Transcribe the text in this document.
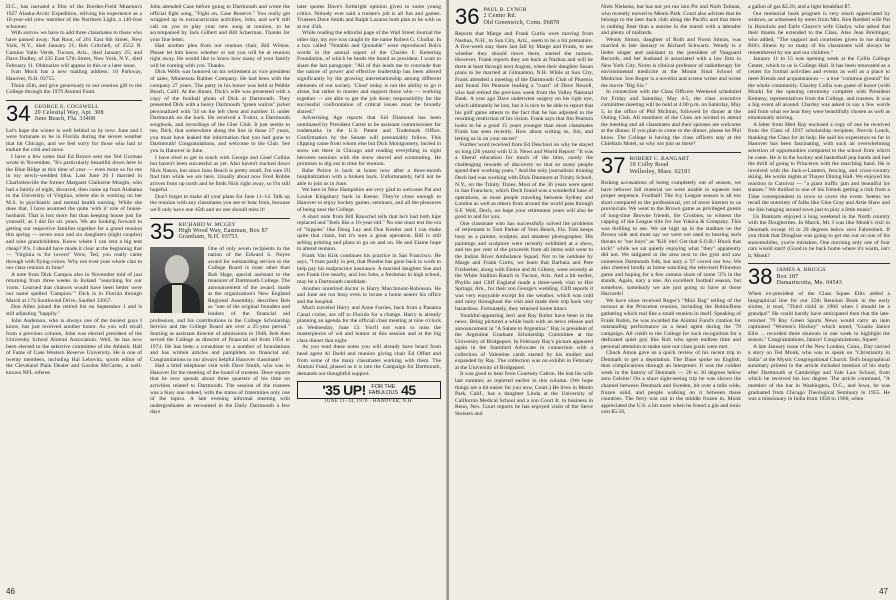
D.C., has narrated a film of the Borden-Field Museum's 1927 Alaska-Arctic Expedition, reliving his experience as a 16-year-old crew member of the Northern Light, a 140-foot schooner.

With sorrow we have to add three classmates to those who have passed away: Nat Root, of 261 East 6th Street, New York, N.Y., died January 21; Bob Critchell, of 2552 N. Camino Valle Verde, Tucson, Ariz., died January 25; and Dave Dudley, of 235 East 57th Street, New York, N.Y., died February 11. Obituaries will appear in this or a later issue.

Ivan Mock has a new mailing address: 10 Parkway, Hanover, N.H. 03755.

Think 45th, and give generously to our reunion gift to the College through the 1979 Alumni Fund.

34 GEORGE E. COGSWELL
20 Celestial Way, Apt. 308
Juno Beach, Fla. 33408

Let's hope the winter is well behind us by now. June and I were fortunate to be in Florida during the severe weather that hit Chicago, and we feel sorry for those who had to endure the cold and snow.

I have a few notes that Ed Brown sent me Ted Gorman wrote in November, "It's particularly beautiful down here in the Blue Ridge at this time of year — even more so for me in my newly-wedded bliss. Last June 20 I married in Charlottesville the former Margaret Claiborne Mosgin, who had a family of eight, divorced, then came up from Alabama to the University of Virginia, where she is working on her M.S. in psychiatric and mental health nursing. While she does that, I have assumed the quite 'with it' role of house-husband. That is lots more fun than keeping house just for yourself, as I did for six years. We are looking forward to getting our respective families together for a grand reunion this spring — seven sons and six daughters (eight couples) and nine grandchildren. Know where I can rent a big tent cheap? P.S. I should have made it clear at the beginning that — 'Virginia is for lovers!' Wow, Ted, you really came through with flying colors. Why not trust your whole clan to our class reunion in June?

A note from Dick Campos also in November told of just returning from three weeks in Ireland "searching for our 'roots.' Learned that chances would have been better were our name spelled 'Campion.'" Dick is in Florida through March at 174 Southwind Drive, Sanibel 33957.

Don Allen joined the retired list on September 1 and is still adjusting "happily."

John Anderson, who is always one of the busiest guys I know, has just received another honor. As you will recall from a previous column, John was elected president of the University School Alumni Association. Well, he has now been elected to the selective committee of the Athletic Hall of Fame of Case Western Reserve University. He is one of twenty members, including Hal Lebovitz, sports editor of the Cleveland Plain Dealer and Gordon McCarter, a well-known NFL referee.

John attended Case before going to Dartmouth and wrote the official fight song, "Fight on, Case Reserve." You really get wrapped up in extracurricular activities, John, and we'll still call on you to play your new song at reunion, to be accompanied by Jack Gilbert and Bill Scherman. Thanks for your fine letter.

Had another plea from our reunion chair, Bill Wilson. Please let him know whether or not you will be at reunion right away. He would like to know how many of your family will be coming with you. Thanks.

Dick Wells was honored on his retirement as vice president of sales, Minnesota Rubber Company. He had been with the company 27 years. The party in his honor was held at Pebble Beach, Calif. At the dinner, Dick's wife was presented with a copy of the football photo of Dick at Dartmouth. They presented Dick with a heavy Dartmouth "green walrus" jacket personalized with '34 on the left chest and number 11 under Dartmouth on the back. He received a T-shirt, a Dartmouth songbook, and recordings of the Glee Club. It just seems to me, Dick, that somewhere along the line in those 27 years, you must have leaked the information that you had gone to Dartmouth! Congratulations, and welcome to the Club. See you in Hanover in June.

I have tried to get in touch with George and Gisel Collins but haven't been successful as yet. Also haven't tracked down Nick Nason, but since Juno Beach is pretty small, I'm sure I'll find him while we are here. Usually about now Fred Robbe arrives from up north and he finds Nick right away, so I'm still hopeful.

Don't forget to make all your plans for June 11–14. Talk up the reunion with any classmates you see or hear from, because we'll only have one 45th and no one should miss it!

35 RICHARD W. MCGEY
High Wood Way, Eastman, Box 87
Grantham, N.H. 03753

One of only seven recipients in the nation of the Edward S. Noyes award for outstanding service to the College Board is none other than Bob Hage, special assistant to the treasurer of Dartmouth College. The announcement of the award, made at the organization's New England Regional Assembly, describes Bob as "one of the original founders and leaders of the financial aid profession, and his contributions to the College Scholarship Service and the College Board are over a 25-year period." Starting as assistant director of admissions in 1948, Bob then served the College as director of financial aid from 1954 to 1974. He has been a consultant to a number of foundations and has written articles and pamphlets on financial aid. Congratulations to our always helpful Hanover classmate!

Had a brief telephone visit with Dave Smith, who was in Hanover for the meeting of the board of trustees. Dave reports that he now spends about three quarters of his time on activities related to Dartmouth. The session of the trustees was a busy one indeed, with the status of fraternities only one of the topics. A late evening informal meeting with undergraduates as recounted in the Daily Dartmouth a few days

later quotes Dave's forthright opinion given to some young critics. Nobody ever said a trustee's job is all fun and games. Trustees Dave Smith and Ralph Lazarus both plan to be with us at our 45th.

While reading the editorial page of the Wall Street Journal the other day, my eye was caught by the name Robert G. Chollar. In a box called "Notable and Quotable" were reproduced Bob's words in the annual report of the Charles F. Kettering Foundation, of which he heads the board as president. I want to share the last paragraph: "All of this leads me to conclude that the nature of power and effective leadership has been altered significantly by the growing interrelationship among different elements of our society. 'Clout' today is not the ability to go it alone, but rather to muster and support those who — working together — are able to get the job done; responsibility for the successful confrontation of critical issues must be broadly shared."

Advertising Age reports that Sid Diamond has been nominated by President Carter to be assistant commissioner for trademarks in the U.S. Patent and Trademark Office. Confirmation by the Senate will presumably follow. This clipping came from whom else but Dick Montgomery, buried in snow out there in Chicago and reading everything in sight between sessions with the snow shovel and commuting. He promises to dig out in time for reunion.

Rabe Peirce is back at home now after a three-month hospitalization with a broken back. Unfortunately, he'll not be able to join us in June.

We here in New Hampshire are very glad to welcome Pat and Louise Kingsbury back in Keene. They're close enough to Hanover to enjoy hockey games, seminars, and all the pleasures of being near the College.

A short note from Bill Rauschel tells that he's had both hips replaced and "feels like a 16-year-old." No one must test the era of "hippies" like Doug Lay and Don Kestler and I can make quite that claim, but it's sure a great operation. Bill is still selling printing and plans to go on and on. He and Elaine hope to attend reunion.

Frank Van Kirk continues his practice in San Francisco. He says, "I trust partly in jest, that Phoebe has gone back to work to help pay his malpractice insurance. A married daughter Sue and son Frank live nearby, and Jon John, a freshman in high school, may be a Dartmouth candidate.

Another unretired doctor is Harry Marchmont-Robinson. He and June are too busy even to locate a home nearer his office and the hospital.

Much traveled Harry and Anne Farries, back from a Panama Canal cruise, are off to Florida for a change. Harry is already planning an agenda for the official class meeting at nine o'clock on Wednesday, June 13. You'll not want to miss the masterpieces of wit and humor at this session and at the big class dinner that night.

As you read these notes you will already have heard from head agent Al Dodd and reunion giving chair Ed Offutt and from some of the many classmates working with them. The Alumni Fund, phased as it is into the Campaign for Dartmouth, demands our thoughtful support.

'35 UP!	FOR THE
FABULOUS 45
JUNE 11–14, 1970 · HANOVER, N.H.
46
36 PAUL B. LYNCH
2 Center Rd.
Old Greenwich, Conn. 06870

Reports that Marge and Frank Curtis were moving from Nashua, N.H., to Sun City, Ariz., seem to be a bit premature. A five-week stay there last fall by Marge and Frank, to see whether they should move there, started the rumors. However, Frank reports they are back at Nashua and will be there at least through next August, when their daughter Susan plans to be married at Gilmanton, N.H. While at Sun City, Frank attended a meeting of the Dartmouth Club of Phoenix and found Jim Pearson leading a "roast" of Dave Newell, who had retired the previous week from the Valley National Bank. A year ago Dave underwent surgery on his right eye, which ultimately he lost, but it is nice to be able to report that his golf game attests to the fact that he has adjusted to the resulting restriction of his vision. Frank says that Jim Pearson looks to be a good 15 years younger than most classmates Frank has seen recently. How about writing us, Jim, and letting us in on your secret?

Further word received from Ed Deschusi on why he stayed so long (26 years) with U.S. News and World Report: "It was a liberal education for much of the time, surely the challenging rewards of discovery so that so many people spend their working years." And the only journalistic training Dech had was working with Dick Dunmore at Trinity School, N.Y., on the Trinity Times. Most of the 36 years were spent in San Francisco, which Dech found was a wonderful base of operations, as most people traveling between Sydney and London as well as others from around the world pass through S.F. Well, Dech, we hope your retirement years will also be good to and for you.

One classmate who has successfully solved the problems of retirement is Tom Parker of Vero Beach, Fla. Tom keeps busy as a painter, sculptor, and amateur photographer. His paintings and sculpture were recently exhibited at a show, and ten per cent of the proceeds from all items sold went to the Indian River Ambulance Squad. Not to be outdone by Marge and Frank Curtis, we learn that Barbara and Pete Fitzherber, along with Eloise and Al Gibney, were recently at the White Stallion Ranch in Tucson, Ariz. And a bit earlier, Phyllis and Cliff England made a three-week visit to Hot Springs, Ark., for their son George's wedding. Cliff reports it was very enjoyable except for the weather, which was cold and rainy throughout the visit and made their trip back very hazardous. Fortunately, they returned home intact.

Youthful-appearing Jerri and Ray Bulter have been in the news. Being pictured a while back with an news release and announcement in "A Salute to Argentina." Ray is president of the Argentine Graduate Scholarship Committee at the University of Bridgeport. In February Ray's picture appeared again in the Stamford Advocate in connection with a collection of Valentine cards started by his mother and expanded by Ray. The collection was on exhibit in February at the University of Bridgeport.

It was good to hear from Courtney Catron. He lost his wife last summer, as reported earlier in this column. (We hope things are a bit easier for you now, Court.) He lives in Menlo Park, Calif., has a daughter Linda at the University of California Medical School and a son Court Jr. in business in Reno, Nev. Court reports he has enjoyed visits of the Steve Stotzers and

Niels Nielsens, but has not yet run into Pic and Norb Tolman, who recently moved to Menlo Park. Court also advises that he belongs to the best duck club along the Pacific and that there is nothing finer than a sunrise in the marsh with a labrador and plenty of mallards.

Wendy Simon, daughter of Ruth and Norm Simon, was married in late January to Richard Schwartz. Wendy is a lieder singer and assistant to the president of Vanguard Records, and her husband is associated with a law firm in New York City. Norm is clinical professor of radiotherapy for environmental medicine at the Mount Sinai School of Medicine. Son Roger is a novelist and screen writer and wrote the movie "Big Six."

In connection with the Class Officers Weekend scheduled for Friday and Saturday, May 4-5, the class executive committee meeting will be held at 4:00 p.m. on Saturday, May 5, in the office of Phil McInnis, followed by dinner at the Outing Club. All members of the Class are invited to attend the meeting and all classmates and their spouses are welcome at the dinner. If you plan to come to the dinner, please let Phil know. The College is having the class officers stay at the Chieftain Motel, so why not join us there?

37 ROBERT C. BANGART
10 Colby Road
Wellesley, Mass. 02181

Risking accusations of being completely out of season, we have leftover fall material we were unable to squeeze into proper sequence. Football! The Ivy League season is all too short compared to the professional, yet of more interest to us provincials. We went to the Brown game as privileged guests of long-time Browne friends, the Crosbies, to witness the capping of the League title for Joe Yukica & Company. This was thrilling to see. We sat high up in the stadium on the Brown side and must say we were not used to hearing such threats to "our boys" as "Kill 'em! Get that S.O.B.! Block that kick!" while we sat quietly enjoying what "they" apparently did not. We tailgated in the area next to the gym and saw numerous Dartmouth folk, but nary a '37 crowd our low. We also cheered loudly at home watching the televised Princeton game and hoping for a few camera shots of some '37s in the stands. Again, nary a one. An excellent football season, but somehow, somebody we are just going to have at those Harvards!

We have since received Roger's "Mini Bag" telling of the turnout at the Princeton reunion, including the Robin/Rose gathering which real like a small reunion in itself. Speaking of Frank Robin, he was awarded the Alumni Fund's citation for outstanding performance as a head agent during the '78 campaign. All credit to the College for such recognition for a dedicated quiet guy like Rob who spent endless time and personal attention to make sure our class goals were met.

Chuck Amon gave us a quick review of his recent trip to Denmark to get a deputation. The Dane spoke no English, thus complications through an interpreter. It was the coldest week in the history of Denmark — 20 to 30 degrees below zero Celsius! On a short sight-seeing trip he was shown the channel between Denmark and Sweden, hit over a mile wide, frozen solid, and people walking on it between those countries. The ferry was out in the middle frozen in. Monk appreciated the U.S. a bit more when he found a gin and tonic cost $5.50,

a gallon of gas $2.20, and a light breakfast $7.

Our memorial book program is very much appreciated by widows, as witnessed by notes from Mrs. Ken Reddell wife Pat in Honolulu and Earle Cleave's wife Gladys, who asked that their thanks be extended to the Class. Also Jean Breitinger, who added, "The support and courtesies given to me during Bill's illness by so many of his classmates will always be remembered by me and our children."

January 11 to 15 was opening week at the Collis College Center, which to us is College Hall. It has been renovated as a center for formal activities and events as well as a place to meet friends and acquaintances — a true "common ground" for the whole community. Charley Collis was guest of honor (with Monk) for the opening ceremony complete with President Kemeny, representatives from the College, and trustees. It was a big event all around. Charley was asked to say a few words and from what we hear they were beautifully chosen as well as emotionally stirring.

A letter from Mert Ray enclosed a copy of one he received from the Class of 1937 scholarship recipient, Norvin Leach, thanking the Class for its help. He said his experience so far in Hanover has been fascinating, with such an overwhelming selection of opportunities compared to the school from which he came. He is in the hockey and basketball pep bands and had the thrill of going to Princeton with the marching band. He is involved with the Jack-o-Lantern, fencing, and cross-country skiing. He works nights at Thayer Dining Hall. We enjoyed his reaction to Carnival — "a giant traffic jam and beautiful ice statues." We thrilled to one of his friends getting a rink from a Time correspondent in town to cover the event. Seems we recall the notoriety of folks like Glen Gray and Artie Shaw and the like hanging around town just to play a little music!

Us Bankarts enjoyed a long weekend in the North country with the Dougherties. In March, Mr. I was like Monk's visit in Denmark except 10 to 20 degrees below zero Fahrenheit. If you think that Douglass was going to get me out on one of his snowmobiles, you're mistaken. One morning only one of four cars would start! (Good to be back home where it's warm, isn't it, Monk?

38 JAMES A. BRIGGS
Box 187
Damariscotta, Me. 04543

When ex-president of the Class Squee Ellis added a biographical line for our 25th Reunion Book in the early sixties, it read, "Third child in 1960 when I should be a grandpa!" He could hardly have anticipated then that the late-returner '79 Ray Green Sports News would carry an item captioned "Women's Hockey" which noted, "Goalie Janice Ellis ... recorded three shutouts in one week to highlight the season." Congratulations, Janice! Congratulations, Squee!

A late January issue of the New London, Conn., Day carried a story on Ted Monk, who was to speak on "Christianity in India" at the Mystic Congregational Church. Ted's biographical summary printed in the article included mention of his study after Dartmouth at Cambridge and Yale Law School, from which he received his law degree. The article continued, "A member of the bar in Washington, D.C., and Iowa, he was graduated from Chicago Theological Seminary in 1955. He was a missionary in India from 1958 to 1960, when

47
